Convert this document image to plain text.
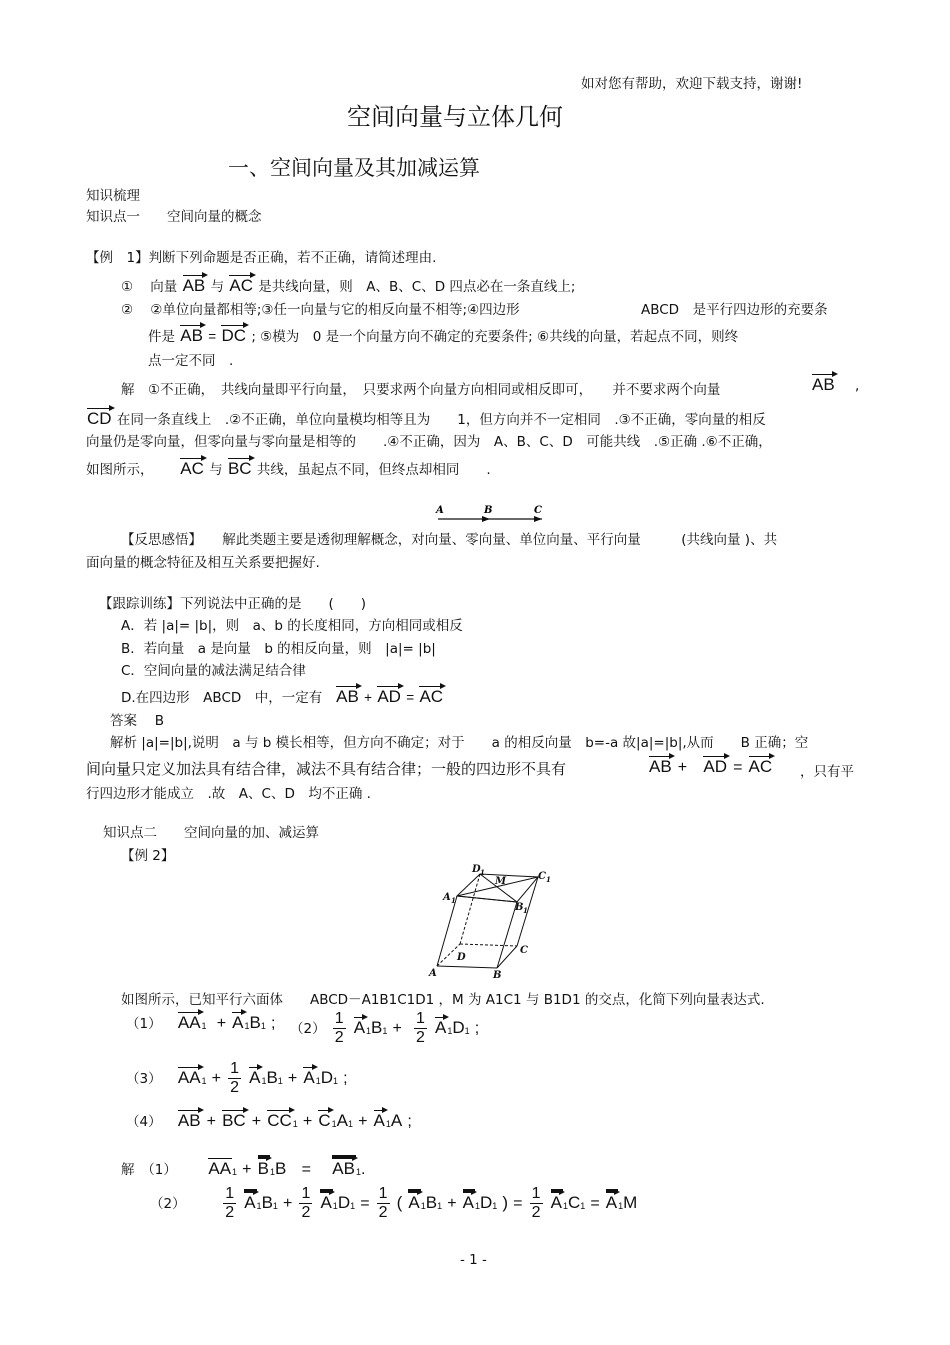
如对您有帮助，欢迎下载支持，谢谢!
空间向量与立体几何
一、空间向量及其加减运算
知识梳理
知识点一　　空间向量的概念
【例　1】判断下列命题是否正确，若不正确，请简述理由.
① 向量 AB 与 AC 是共线向量，则　A、B、C、D 四点必在一条直线上;
② ②单位向量都相等;③任一向量与它的相反向量不相等;④四边形	ABCD　是平行四边形的充要条
件是 AB = DC ; ⑤模为　0 是一个向量方向不确定的充要条件; ⑥共线的向量，若起点不同，则终
点一定不同　.
解　①不正确，　共线向量即平行向量，　只要求两个向量方向相同或相反即可，　　并不要求两个向量	AB ,
CD 在同一条直线上　.②不正确，单位向量模均相等且为　　1，但方向并不一定相同　.③不正确，零向量的相反
向量仍是零向量，但零向量与零向量是相等的　　.④不正确，因为　A、B、C、D　可能共线　.⑤正确 .⑥不正确，
如图所示， AC 与 BC 共线，虽起点不同，但终点却相同　　.
A	B	C
【反思感悟】　　解此类题主要是透彻理解概念，对向量、零向量、单位向量、平行向量　　　(共线向量 )、共
面向量的概念特征及相互关系要把握好.
【跟踪训练】下列说法中正确的是　　(　　)
A．若 |a|= |b|，则　a、b 的长度相同，方向相同或相反
B．若向量　a 是向量　b 的相反向量，则　|a|= |b|
C．空间向量的减法满足结合律
D.在四边形　ABCD　中，一定有 AB + AD = AC
答案　 B
解析 |a|=|b|,说明　a 与 b 模长相等，但方向不确定；对于　　a 的相反向量　b=-a 故|a|=|b|,从而　　B 正确；空
间向量只定义加法具有结合律，减法不具有结合律；一般的四边形不具有	AB + AD = AC ，只有平
行四边形才能成立　.故　A、C、D　均不正确 .
知识点二　　空间向量的加、减运算
【例 2】
A	B
C
D
A 1
B 1
C 1
D 1
M
如图所示，已知平行六面体　　ABCD－A1B1C1D1 ，M 为 A1C1 与 B1D1 的交点，化简下列向量表达式.
（1） AA1 + A1B1 ; $(2) \frac{1}{2} A1B1 + \frac{1}{2} A1D1$ ;
（3） $AA1 + \frac{1}{2} A1B1 + A1D1$ ;
（4） AB + BC + CC1 + C1A1 + A1A ;
解　（1） AA1 + B1B = AB1.
$(2) \frac{1}{2} A1B1 + \frac{1}{2} A1D1 = \frac{1}{2}$ ( A1B1 + A1D1 ) = $\frac{1}{2} A1C1 = A1M$
- 1 -
